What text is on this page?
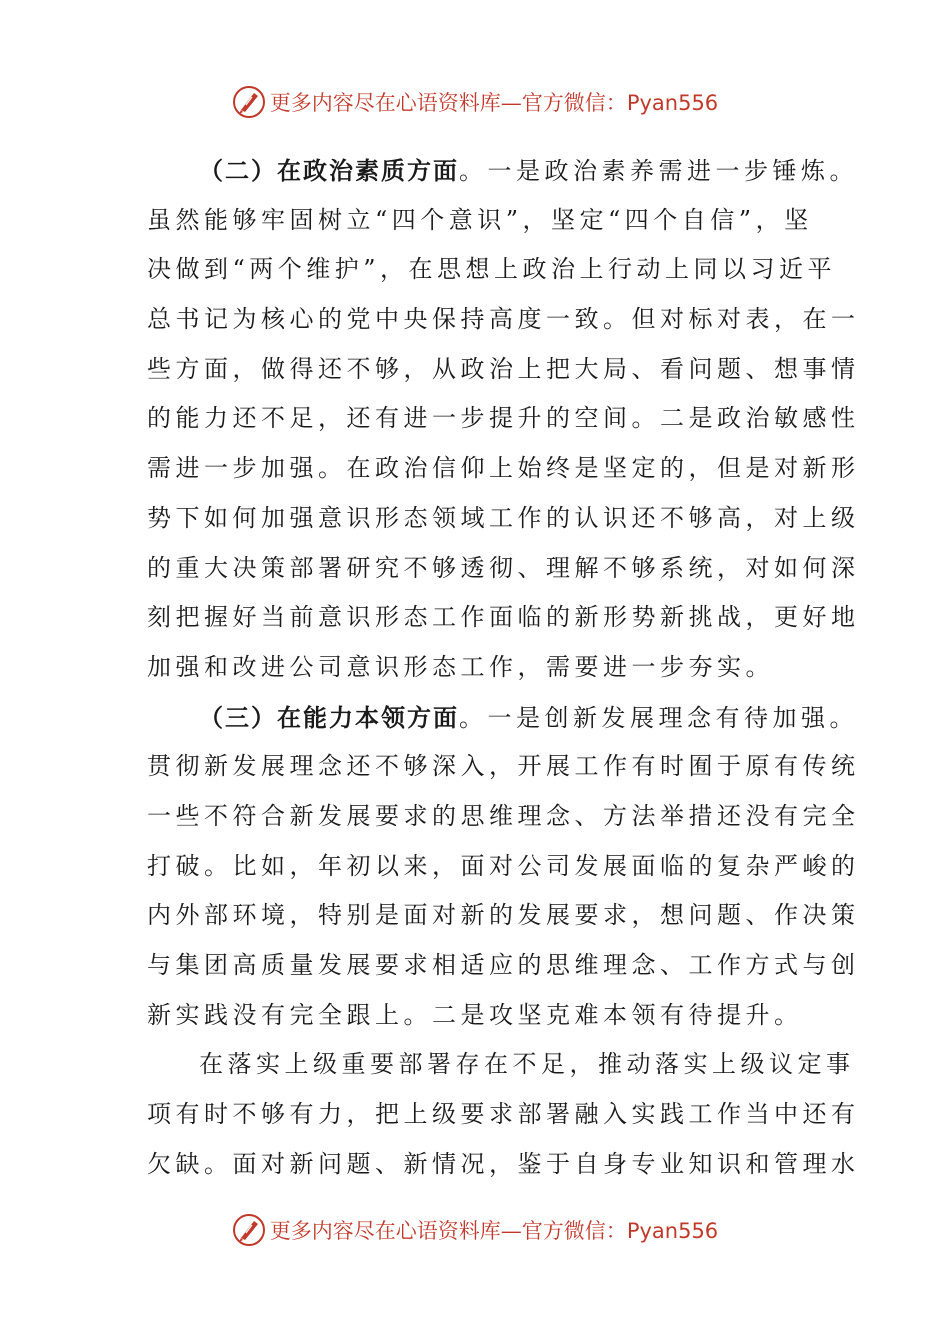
更多内容尽在心语资料库—官方微信：Pyan556
（二）在政治素质方面。一是政治素养需进一步锤炼。
虽然能够牢固树立“四个意识”，坚定“四个自信”，坚
决做到“两个维护”，在思想上政治上行动上同以习近平
总书记为核心的党中央保持高度一致。但对标对表，在一
些方面，做得还不够，从政治上把大局、看问题、想事情
的能力还不足，还有进一步提升的空间。二是政治敏感性
需进一步加强。在政治信仰上始终是坚定的，但是对新形
势下如何加强意识形态领域工作的认识还不够高，对上级
的重大决策部署研究不够透彻、理解不够系统，对如何深
刻把握好当前意识形态工作面临的新形势新挑战，更好地
加强和改进公司意识形态工作，需要进一步夯实。
（三）在能力本领方面。一是创新发展理念有待加强。
贯彻新发展理念还不够深入，开展工作有时囿于原有传统
一些不符合新发展要求的思维理念、方法举措还没有完全
打破。比如，年初以来，面对公司发展面临的复杂严峻的
内外部环境，特别是面对新的发展要求，想问题、作决策
与集团高质量发展要求相适应的思维理念、工作方式与创
新实践没有完全跟上。二是攻坚克难本领有待提升。
在落实上级重要部署存在不足，推动落实上级议定事
项有时不够有力，把上级要求部署融入实践工作当中还有
欠缺。面对新问题、新情况，鉴于自身专业知识和管理水
更多内容尽在心语资料库—官方微信：Pyan556
